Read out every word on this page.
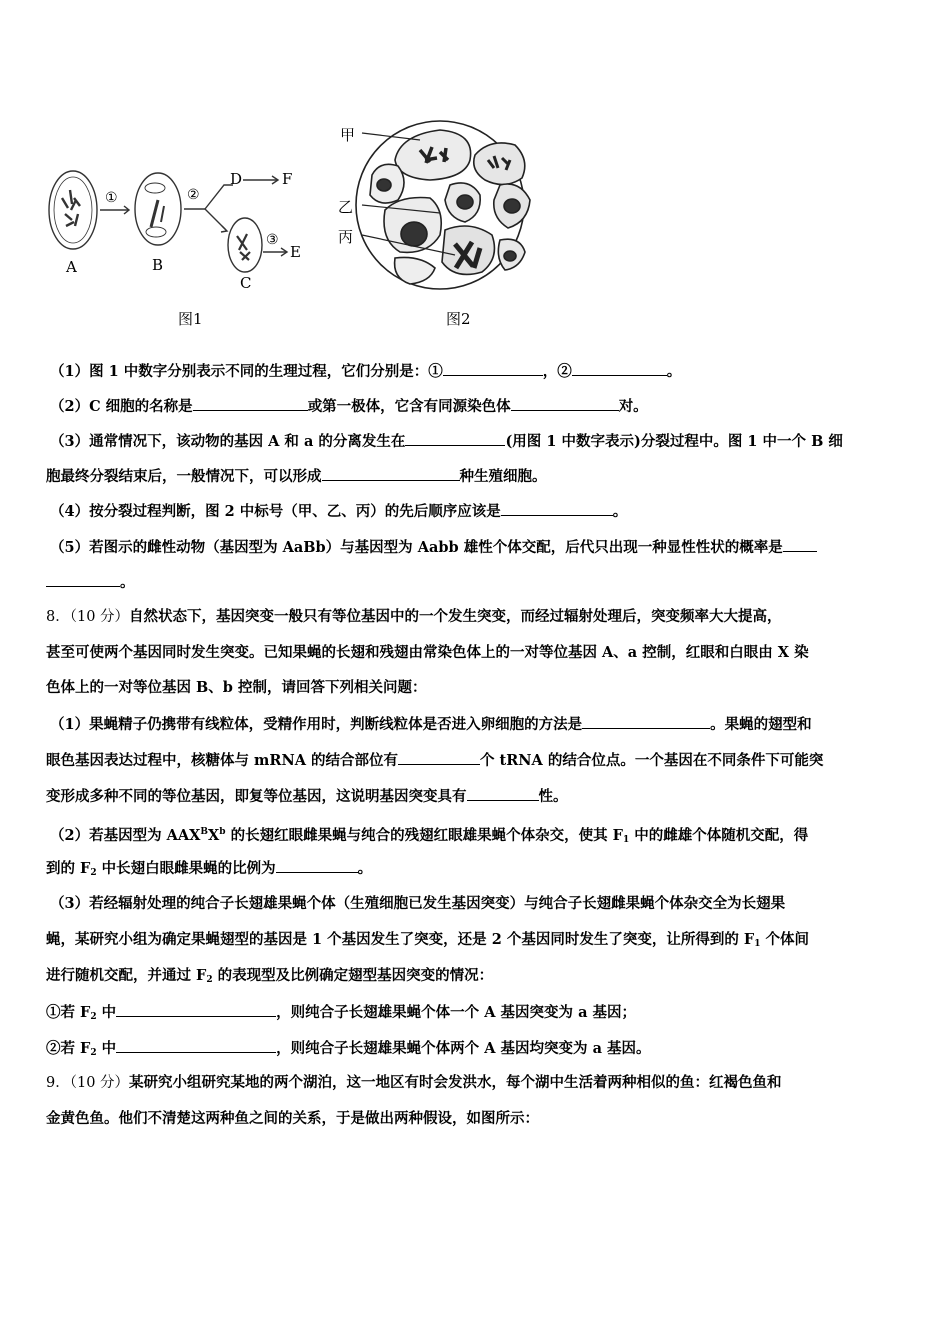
A	B
C
D
E
F
①	②
③
图1
甲
乙
丙
图2
（1）图 1 中数字分别表示不同的生理过程，它们分别是：①	，②	。
（2）C 细胞的名称是	或第一极体，它含有同源染色体	对。
（3）通常情况下，该动物的基因 A 和 a 的分离发生在	(用图 1 中数字表示)分裂过程中。图 1 中一个 B 细
胞最终分裂结束后，一般情况下，可以形成	种生殖细胞。
（4）按分裂过程判断，图 2 中标号（甲、乙、丙）的先后顺序应该是	。
（5）若图示的雌性动物（基因型为 AaBb）与基因型为 Aabb 雄性个体交配，后代只出现一种显性性状的概率是
。
8．（10 分）自然状态下，基因突变一般只有等位基因中的一个发生突变，而经过辐射处理后，突变频率大大提高，
甚至可使两个基因同时发生突变。已知果蝇的长翅和残翅由常染色体上的一对等位基因 A、a 控制，红眼和白眼由 X 染
色体上的一对等位基因 B、b 控制，请回答下列相关问题：
（1）果蝇精子仍携带有线粒体，受精作用时，判断线粒体是否进入卵细胞的方法是	。果蝇的翅型和
眼色基因表达过程中，核糖体与 mRNA 的结合部位有	个 tRNA 的结合位点。一个基因在不同条件下可能突
变形成多种不同的等位基因，即复等位基因，这说明基因突变具有	性。
（2）若基因型为 $AAX^BX^b$ 的长翅红眼雌果蝇与纯合的残翅红眼雄果蝇个体杂交，使其 $F_1$ 中的雌雄个体随机交配，得
到的 $F_2$ 中长翅白眼雌果蝇的比例为	。
（3）若经辐射处理的纯合子长翅雄果蝇个体（生殖细胞已发生基因突变）与纯合子长翅雌果蝇个体杂交全为长翅果
蝇，某研究小组为确定果蝇翅型的基因是 1 个基因发生了突变，还是 2 个基因同时发生了突变，让所得到的 $F_1$ 个体间
进行随机交配，并通过 $F_2$ 的表现型及比例确定翅型基因突变的情况：
①若 $F_2$ 中	，则纯合子长翅雄果蝇个体一个 A 基因突变为 a 基因；
②若 $F_2$ 中	，则纯合子长翅雄果蝇个体两个 A 基因均突变为 a 基因。
9．（10 分）某研究小组研究某地的两个湖泊，这一地区有时会发洪水，每个湖中生活着两种相似的鱼：红褐色鱼和
金黄色鱼。他们不清楚这两种鱼之间的关系，于是做出两种假设，如图所示：
